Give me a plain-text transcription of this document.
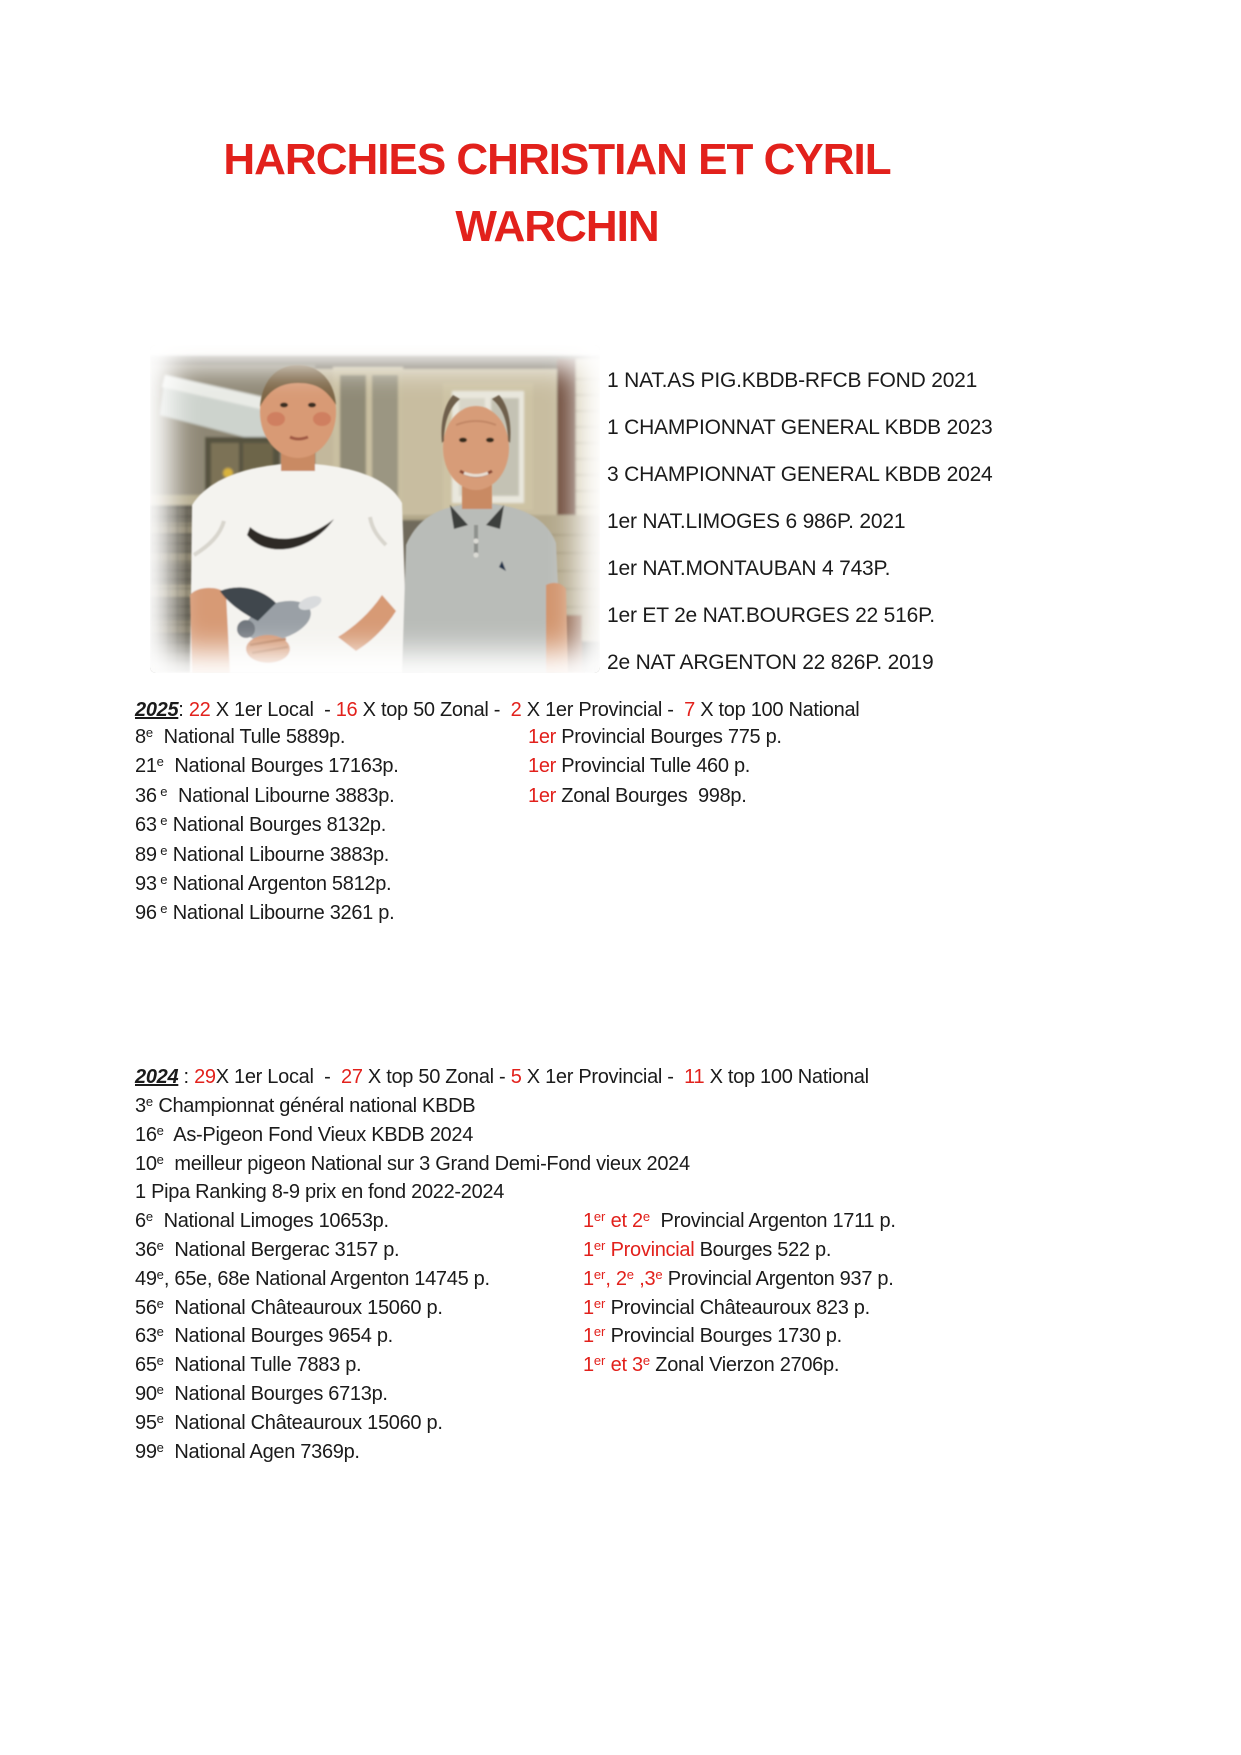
HARCHIES CHRISTIAN ET CYRIL
WARCHIN
1 NAT.AS PIG.KBDB-RFCB FOND 2021
1 CHAMPIONNAT GENERAL KBDB 2023
3 CHAMPIONNAT GENERAL KBDB 2024
1er NAT.LIMOGES 6 986P. 2021
1er NAT.MONTAUBAN 4 743P.
1er ET 2e NAT.BOURGES 22 516P.
2e NAT ARGENTON 22 826P. 2019
2025: 22 X 1er Local  - 16 X top 50 Zonal -  2 X 1er Provincial -  7 X top 100 National
8e  National Tulle 5889p.	1er Provincial Bourges 775 p.
21e  National Bourges 17163p.	1er Provincial Tulle 460 p.
36 $^e$  National Libourne 3883p.	1er Zonal Bourges  998p.
63 $^e$ National Bourges 8132p.
89 $^e$ National Libourne 3883p.
93 $^e$ National Argenton 5812p.
96 $^e$ National Libourne 3261 p.
2024 : 29X 1er Local  -  27 X top 50 Zonal - 5 X 1er Provincial -  11 X top 100 National
3e Championnat général national KBDB
16e  As-Pigeon Fond Vieux KBDB 2024
10e  meilleur pigeon National sur 3 Grand Demi-Fond vieux 2024
1 Pipa Ranking 8-9 prix en fond 2022-2024
6e  National Limoges 10653p.	1er et 2e  Provincial Argenton 1711 p.
36e  National Bergerac 3157 p.	1er Provincial Bourges 522 p.
49e, 65e, 68e National Argenton 14745 p.	1er, 2e ,3e Provincial Argenton 937 p.
56e  National Châteauroux 15060 p.	1er Provincial Châteauroux 823 p.
63e  National Bourges 9654 p.	1er Provincial Bourges 1730 p.
65e  National Tulle 7883 p.	1er et 3e Zonal Vierzon 2706p.
90e  National Bourges 6713p.
95e  National Châteauroux 15060 p.
99e  National Agen 7369p.
